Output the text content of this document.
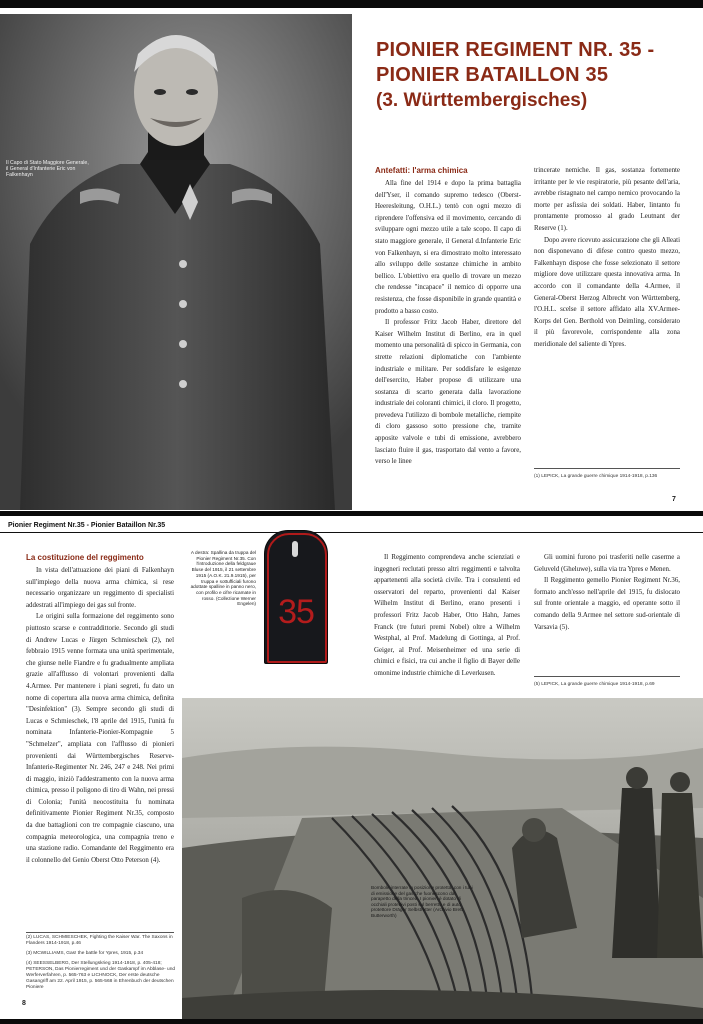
Il Capo di Stato Maggiore Generale, il General d'Infanterie Eric von Falkenhayn
PIONIER REGIMENT NR. 35 -
PIONIER BATAILLON 35
(3. Württembergisches)
Antefatti: l'arma chimica

Alla fine del 1914 e dopo la prima battaglia dell'Yser, il comando supremo tedesco (Oberst-Heeresleitung, O.H.L.) tentò con ogni mezzo di riprendere l'offensiva ed il movimento, cercando di sviluppare ogni mezzo utile a tale scopo. Il capo di stato maggiore generale, il General d.Infanterie Eric von Falkenhayn, si era dimostrato molto interessato allo sviluppo delle sostanze chimiche in ambito bellico. L'obiettivo era quello di trovare un mezzo che rendesse "incapace" il nemico di opporre una resistenza, che fosse disponibile in grande quantità e prodotto a basso costo.

Il professor Fritz Jacob Haber, direttore del Kaiser Wilhelm Institut di Berlino, era in quel momento una personalità di spicco in Germania, con strette relazioni diplomatiche con l'ambiente industriale e militare. Per soddisfare le esigenze dell'esercito, Haber propose di utilizzare una sostanza di scarto generata dalla lavorazione industriale dei coloranti chimici, il cloro. Il progetto, prevedeva l'utilizzo di bombole metalliche, riempite di cloro gassoso sotto pressione che, tramite apposite valvole e tubi di emissione, avrebbero lasciato fluire il gas, trasportato dal vento a favore, verso le linee

trincerate nemiche. Il gas, sostanza fortemente irritante per le vie respiratorie, più pesante dell'aria, avrebbe ristagnato nel campo nemico provocando la morte per asfissia dei soldati. Haber, lintanto fu prontamente promosso al grado Leutnant der Reserve (1).

Dopo avere ricevuto assicurazione che gli Alleati non disponevano di difese contro questo mezzo, Falkenhayn dispose che fosse selezionato il settore migliore dove utilizzare questa innovativa arma. In accordo con il comandante della 4.Armee, il General-Oberst Herzog Albrecht von Württemberg, l'O.H.L. scelse il settore affidato alla XV.Armee-Korps del Gen. Berthold von Deimling, considerato il più favorevole, corrispondente alla zona meridionale del saliente di Ypres.

(1) LEPICK, La grande guerre chimique 1914-1918, p.136
7
Pionier Regiment Nr.35 - Pionier Bataillon Nr.35
La costituzione del reggimento

In vista dell'attuazione dei piani di Falkenhayn sull'impiego della nuova arma chimica, si rese necessario organizzare un reggimento di specialisti addestrati all'impiego dei gas sul fronte.

Le origini sulla formazione del reggimento sono piuttosto scarse e contraddittorie. Secondo gli studi di Andrew Lucas e Jürgen Schmieschek (2), nel febbraio 1915 venne formata una unità sperimentale, che giunse nelle Fiandre e fu gradualmente ampliata grazie all'afflusso di volontari provenienti dalla 4.Armee. Per mantenere i piani segreti, fu dato un nome di copertura alla nuova arma chimica, definita "Desinfektion" (3). Sempre secondo gli studi di Lucas e Schmieschek, l'8 aprile del 1915, l'unità fu nominata Infanterie-Pionier-Kompagnie 5 "Schmelzer", ampliata con l'afflusso di pionieri provenienti dai Württembergisches Reserve-Infanterie-Regimenter Nr. 246, 247 e 248. Nei primi di maggio, iniziò l'addestramento con la nuova arma chimica, presso il poligono di tiro di Wahn, nei pressi di Colonia; l'unità neocostituita fu nominata definitivamente Pionier Regiment Nr.35, composto da due battaglioni con tre compagnie ciascuno, una compagnia meteorologica, una compagnia treno e una stazione radio. Comandante del Reggimento era il colonnello del Genio Oberst Otto Peterson (4).

(2) LUCAS, SCHMIESCHEK, Fighting the Kaiser War. The Saxons in Flanders 1914-1918, p.46
(3) MCWILLIAMS, Gas! the battle for Ypres, 1915, p.34
(4) SEESSELBERG, Der Stellungskrieg 1914-1918, p. 405-418; PETERSON, Das Pionierregiment und der Gaskampf im Abblase- und Werferverfahren, p. 565-763 e LICHNOCK, Der erste deutsche Gasangriff am 22. April 1915, p. 565-568 in Ehrenbuch der deutschen Pioniere
8
A destra: Spallina da truppa del Pionier Regiment Nr.35. Con l'introduzione della feldgraue Bluse del 1915, il 21 settembre 1915 (A.O.K. 21.9.1915), per truppa e sottufficiali furono adottate spalline in panno nero, con profilo e cifre ricamate in rosso. (Collezione Werner Engelen) 35

Il Reggimento comprendeva anche scienziati e ingegneri reclutati presso altri reggimenti e talvolta appartenenti alla società civile. Tra i consulenti ed osservatori del reparto, provenienti dal Kaiser Wilhelm Institut di Berlino, erano presenti i professori Fritz Jacob Haber, Otto Hahn, James Franck (tre futuri premi Nobel) oltre a Wilhelm Westphal, al Prof. Madelung di Gottinga, al Prof. Geiger, al Prof. Meisenheimer ed una serie di chimici e fisici, tra cui anche il figlio di Bayer delle omonime industrie chimiche di Leverkusen.

Gli uomini furono poi trasferiti nelle caserme a Geluveld (Gheluwe), sulla via tra Ypres e Menen.

Il Reggimento gemello Pionier Regiment Nr.36, formato anch'esso nell'aprile del 1915, fu dislocato sul fronte orientale a maggio, ed operante sotto il comando della 9.Armee nel settore sud-orientale di Varsavia (5).

(5) LEPICK, La grande guerre chimique 1914-1918, p.69
Bombole interrate in posizione protetta, con i tubi di emissione del gas che fuoriescono dal parapetto della trincea. I pionieri è dotato di occhiali protettivi posti sul berretto e di auto protettore Dräger Selbstretter (Archivio Brett Butterworth)
